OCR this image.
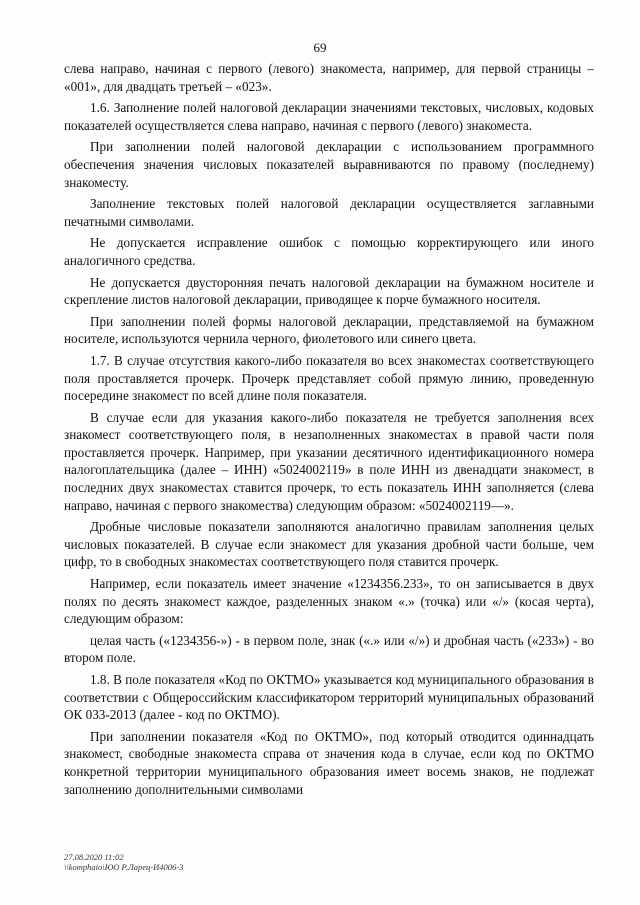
69

слева направо, начиная с первого (левого) знакоместа, например, для первой страницы – «001», для двадцать третьей – «023».

1.6. Заполнение полей налоговой декларации значениями текстовых, числовых, кодовых показателей осуществляется слева направо, начиная с первого (левого) знакоместа.

При заполнении полей налоговой декларации с использованием программного обеспечения значения числовых показателей выравниваются по правому (последнему) знакоместу.

Заполнение текстовых полей налоговой декларации осуществляется заглавными печатными символами.

Не допускается исправление ошибок с помощью корректирующего или иного аналогичного средства.

Не допускается двусторонняя печать налоговой декларации на бумажном носителе и скрепление листов налоговой декларации, приводящее к порче бумажного носителя.

При заполнении полей формы налоговой декларации, представляемой на бумажном носителе, используются чернила черного, фиолетового или синего цвета.

1.7. В случае отсутствия какого-либо показателя во всех знакоместах соответствующего поля проставляется прочерк. Прочерк представляет собой прямую линию, проведенную посередине знакомест по всей длине поля показателя.

В случае если для указания какого-либо показателя не требуется заполнения всех знакомест соответствующего поля, в незаполненных знакоместах в правой части поля проставляется прочерк. Например, при указании десятичного идентификационного номера налогоплательщика (далее – ИНН) «5024002119» в поле ИНН из двенадцати знакомест, в последних двух знакоместах ставится прочерк, то есть показатель ИНН заполняется (слева направо, начиная с первого знакомества) следующим образом: «5024002119—».

Дробные числовые показатели заполняются аналогично правилам заполнения целых числовых показателей. В случае если знакомест для указания дробной части больше, чем цифр, то в свободных знакоместах соответствующего поля ставится прочерк.

Например, если показатель имеет значение «1234356.233», то он записывается в двух полях по десять знакомест каждое, разделенных знаком «.» (точка) или «/» (косая черта), следующим образом:

целая часть («1234356-») - в первом поле, знак («.» или «/») и дробная часть («233») - во втором поле.

1.8. В поле показателя «Код по ОКТМО» указывается код муниципального образования в соответствии с Общероссийским классификатором территорий муниципальных образований ОК 033-2013 (далее - код по ОКТМО).

При заполнении показателя «Код по ОКТМО», под который отводится одиннадцать знакомест, свободные знакоместа справа от значения кода в случае, если код по ОКТМО конкретной территории муниципального образования имеет восемь знаков, не подлежат заполнению дополнительными символами

27.08.2020 11:02
\\komphaio\ЮО Р.Ларец-И4006-3
